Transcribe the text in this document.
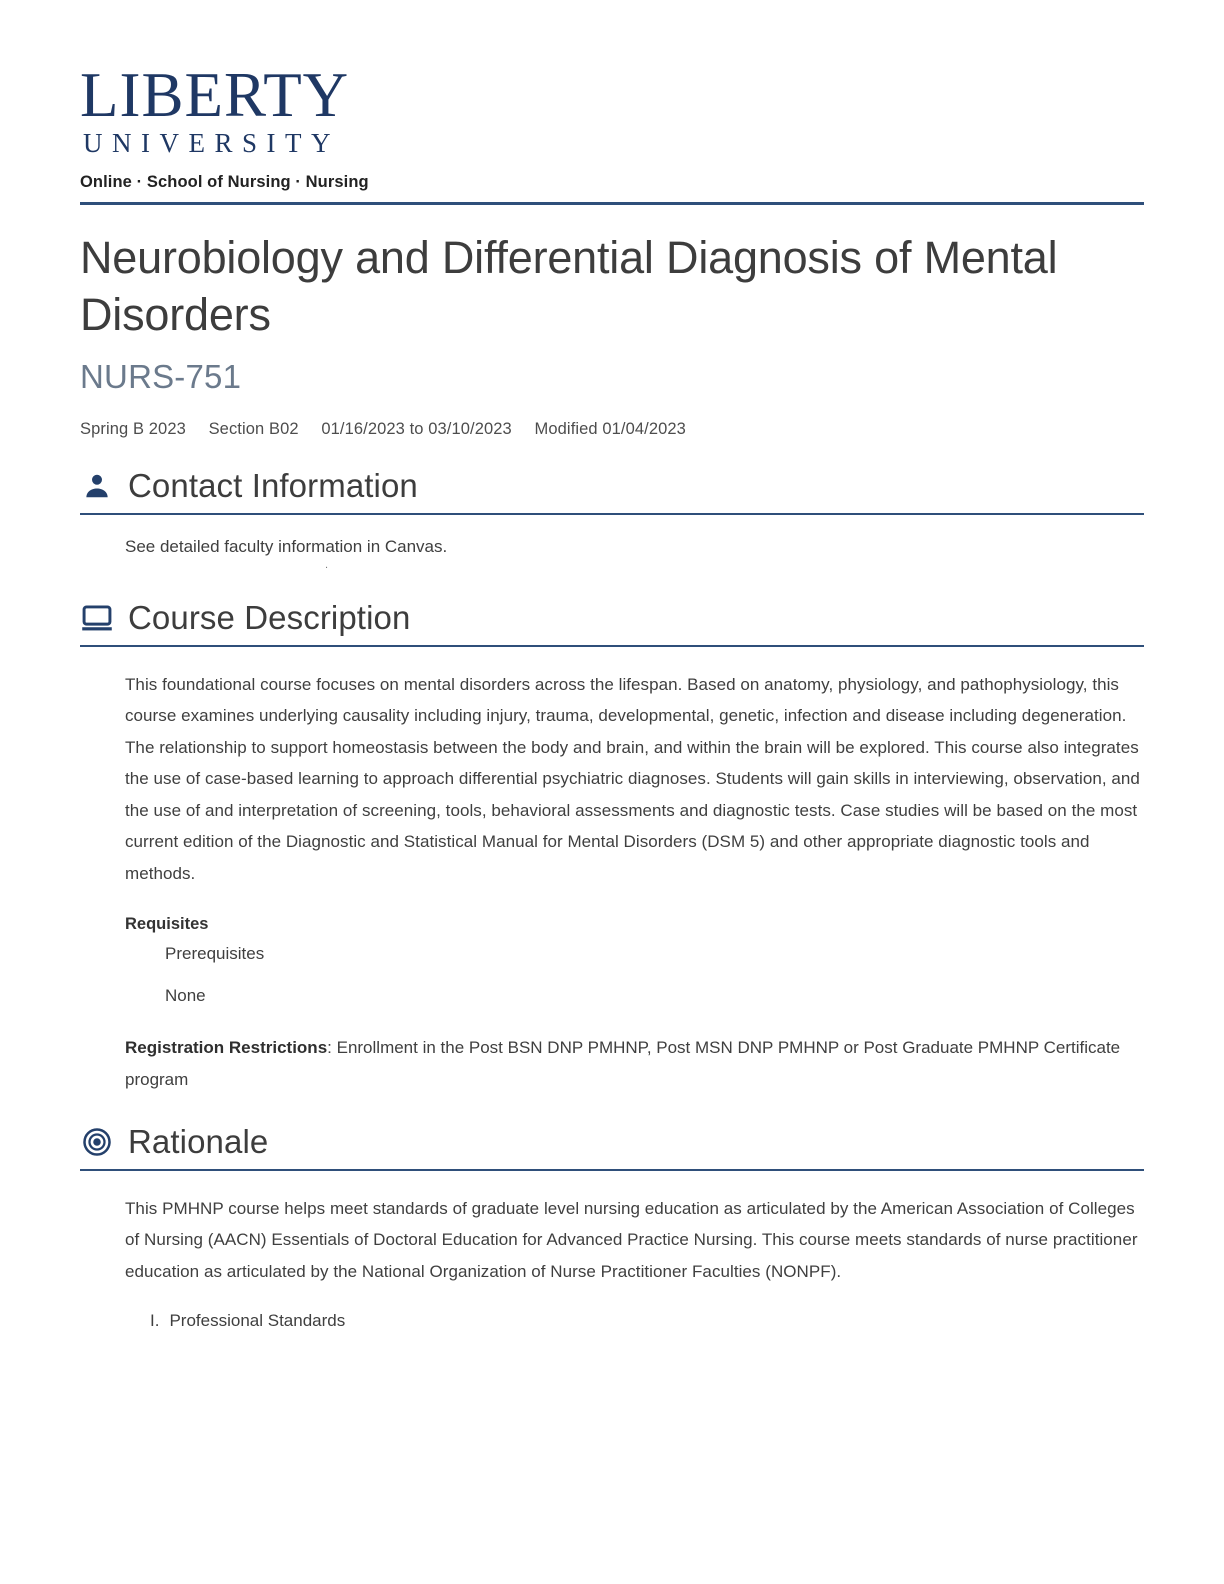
LIBERTY
UNIVERSITY
Online · School of Nursing · Nursing
Neurobiology and Differential Diagnosis of Mental Disorders
NURS-751
Spring B 2023 Section B02 01/16/2023 to 03/10/2023 Modified 01/04/2023
Contact Information
See detailed faculty information in Canvas.
.
Course Description
This foundational course focuses on mental disorders across the lifespan. Based on anatomy, physiology, and pathophysiology, this course examines underlying causality including injury, trauma, developmental, genetic, infection and disease including degeneration. The relationship to support homeostasis between the body and brain, and within the brain will be explored. This course also integrates the use of case-based learning to approach differential psychiatric diagnoses. Students will gain skills in interviewing, observation, and the use of and interpretation of screening, tools, behavioral assessments and diagnostic tests. Case studies will be based on the most current edition of the Diagnostic and Statistical Manual for Mental Disorders (DSM 5) and other appropriate diagnostic tools and methods.
Requisites
Prerequisites
None
Registration Restrictions: Enrollment in the Post BSN DNP PMHNP, Post MSN DNP PMHNP or Post Graduate PMHNP Certificate program
Rationale
This PMHNP course helps meet standards of graduate level nursing education as articulated by the American Association of Colleges of Nursing (AACN) Essentials of Doctoral Education for Advanced Practice Nursing. This course meets standards of nurse practitioner education as articulated by the National Organization of Nurse Practitioner Faculties (NONPF).
I. Professional Standards
